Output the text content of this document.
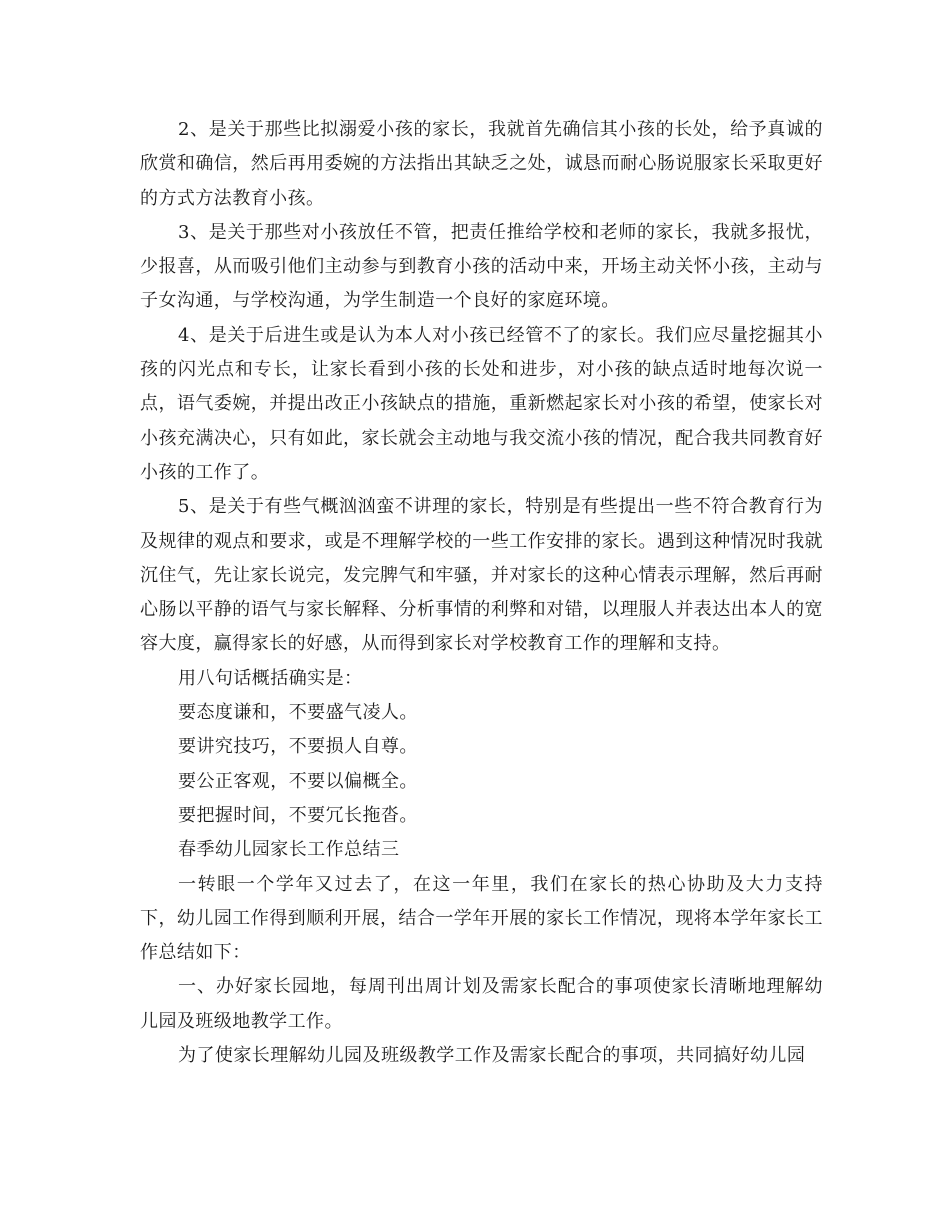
2、是关于那些比拟溺爱小孩的家长，我就首先确信其小孩的长处，给予真诚的欣赏和确信，然后再用委婉的方法指出其缺乏之处，诚恳而耐心肠说服家长采取更好的方式方法教育小孩。

3、是关于那些对小孩放任不管，把责任推给学校和老师的家长，我就多报忧，少报喜，从而吸引他们主动参与到教育小孩的活动中来，开场主动关怀小孩，主动与子女沟通，与学校沟通，为学生制造一个良好的家庭环境。

4、是关于后进生或是认为本人对小孩已经管不了的家长。我们应尽量挖掘其小孩的闪光点和专长，让家长看到小孩的长处和进步，对小孩的缺点适时地每次说一点，语气委婉，并提出改正小孩缺点的措施，重新燃起家长对小孩的希望，使家长对小孩充满决心，只有如此，家长就会主动地与我交流小孩的情况，配合我共同教育好小孩的工作了。

5、是关于有些气概汹汹蛮不讲理的家长，特别是有些提出一些不符合教育行为及规律的观点和要求，或是不理解学校的一些工作安排的家长。遇到这种情况时我就沉住气，先让家长说完，发完脾气和牢骚，并对家长的这种心情表示理解，然后再耐心肠以平静的语气与家长解释、分析事情的利弊和对错，以理服人并表达出本人的宽容大度，赢得家长的好感，从而得到家长对学校教育工作的理解和支持。

用八句话概括确实是：

要态度谦和，不要盛气凌人。

要讲究技巧，不要损人自尊。

要公正客观，不要以偏概全。

要把握时间，不要冗长拖沓。

春季幼儿园家长工作总结三

一转眼一个学年又过去了，在这一年里，我们在家长的热心协助及大力支持下，幼儿园工作得到顺利开展，结合一学年开展的家长工作情况，现将本学年家长工作总结如下：

一、办好家长园地，每周刊出周计划及需家长配合的事项使家长清晰地理解幼儿园及班级地教学工作。

为了使家长理解幼儿园及班级教学工作及需家长配合的事项，共同搞好幼儿园
